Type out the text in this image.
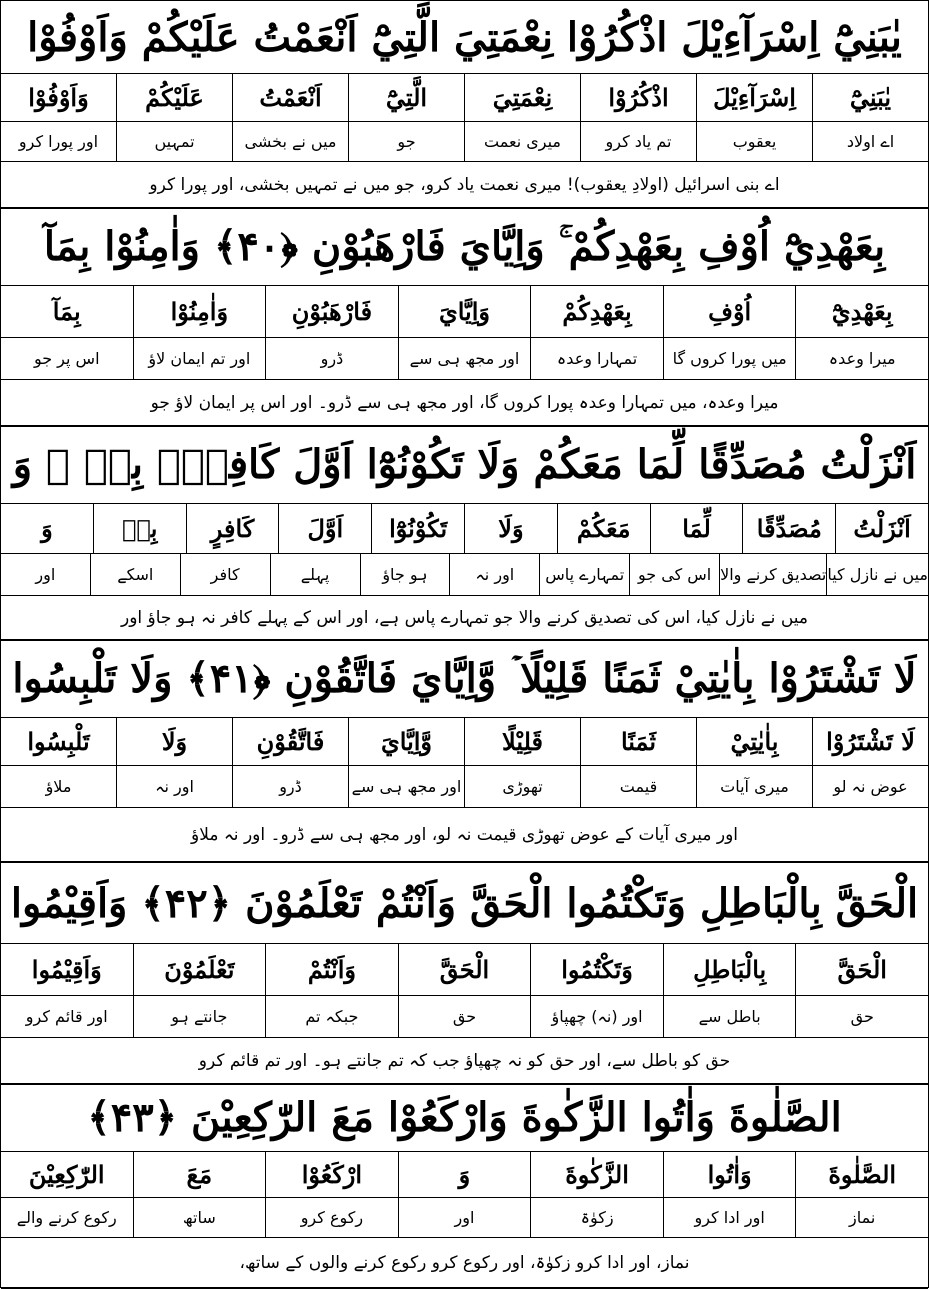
يٰبَنِيْٓ اِسْرَآءِيْلَ اذْكُرُوْا نِعْمَتِيَ الَّتِيْٓ اَنْعَمْتُ عَلَيْكُمْ وَاَوْفُوْا
يٰبَنِيْٓ
اِسْرَآءِيْلَ
اذْكُرُوْا
نِعْمَتِيَ
الَّتِيْٓ
اَنْعَمْتُ
عَلَيْكُمْ
وَاَوْفُوْا
اے اولاد
یعقوب
تم یاد کرو
میری نعمت
جو
میں نے بخشی
تمہیں
اور پورا کرو
اے بنی اسرائیل (اولادِ یعقوب)! میری نعمت یاد کرو، جو میں نے تمہیں بخشی، اور پورا کرو
بِعَهْدِيْٓ اُوْفِ بِعَهْدِكُمْ ۚ وَاِيَّايَ فَارْهَبُوْنِ ﴿۴۰﴾ وَاٰمِنُوْا بِمَآ
بِعَهْدِيْٓ
اُوْفِ
بِعَهْدِكُمْ
وَاِيَّايَ
فَارْهَبُوْنِ
وَاٰمِنُوْا
بِمَآ
میرا وعدہ
میں پورا کروں گا
تمہارا وعدہ
اور مجھ ہی سے
ڈرو
اور تم ایمان لاؤ
اس پر جو
میرا وعدہ، میں تمہارا وعدہ پورا کروں گا، اور مجھ ہی سے ڈرو۔ اور اس پر ایمان لاؤ جو
اَنْزَلْتُ مُصَدِّقًا لِّمَا مَعَكُمْ وَلَا تَكُوْنُوْٓا اَوَّلَ كَافِرٍۢ بِهٖ ۠ وَ
اَنْزَلْتُ
مُصَدِّقًا
لِّمَا
مَعَكُمْ
وَلَا
تَكُوْنُوْٓا
اَوَّلَ
كَافِرٍ
بِهٖ
وَ
میں نے نازل کیا
تصدیق کرنے والا
اس کی جو
تمہارے پاس
اور نہ
ہو جاؤ
پہلے
کافر
اسکے
اور
میں نے نازل کیا، اس کی تصدیق کرنے والا جو تمہارے پاس ہے، اور اس کے پہلے کافر نہ ہو جاؤ اور
لَا تَشْتَرُوْا بِاٰيٰتِيْ ثَمَنًا قَلِيْلًا ۡ وَّاِيَّايَ فَاتَّقُوْنِ ﴿۴۱﴾ وَلَا تَلْبِسُوا
لَا تَشْتَرُوْا
بِاٰيٰتِيْ
ثَمَنًا
قَلِيْلًا
وَّاِيَّايَ
فَاتَّقُوْنِ
وَلَا
تَلْبِسُوا
عوض نہ لو
میری آیات
قیمت
تھوڑی
اور مجھ ہی سے
ڈرو
اور نہ
ملاؤ
اور میری آیات کے عوض تھوڑی قیمت نہ لو، اور مجھ ہی سے ڈرو۔ اور نہ ملاؤ
الْحَقَّ بِالْبَاطِلِ وَتَكْتُمُوا الْحَقَّ وَاَنْتُمْ تَعْلَمُوْنَ ﴿۴۲﴾ وَاَقِيْمُوا
الْحَقَّ
بِالْبَاطِلِ
وَتَكْتُمُوا
الْحَقَّ
وَاَنْتُمْ
تَعْلَمُوْنَ
وَاَقِيْمُوا
حق
باطل سے
اور (نہ) چھپاؤ
حق
جبکہ تم
جانتے ہو
اور قائم کرو
حق کو باطل سے، اور حق کو نہ چھپاؤ جب کہ تم جانتے ہو۔ اور تم قائم کرو
الصَّلٰوةَ وَاٰتُوا الزَّكٰوةَ وَارْكَعُوْا مَعَ الرّٰكِعِيْنَ ﴿۴۳﴾
الصَّلٰوةَ
وَاٰتُوا
الزَّكٰوةَ
وَ
ارْكَعُوْا
مَعَ
الرّٰكِعِيْنَ
نماز
اور ادا کرو
زکوٰۃ
اور
رکوع کرو
ساتھ
رکوع کرنے والے
نماز، اور ادا کرو زکوٰۃ، اور رکوع کرو رکوع کرنے والوں کے ساتھ،
